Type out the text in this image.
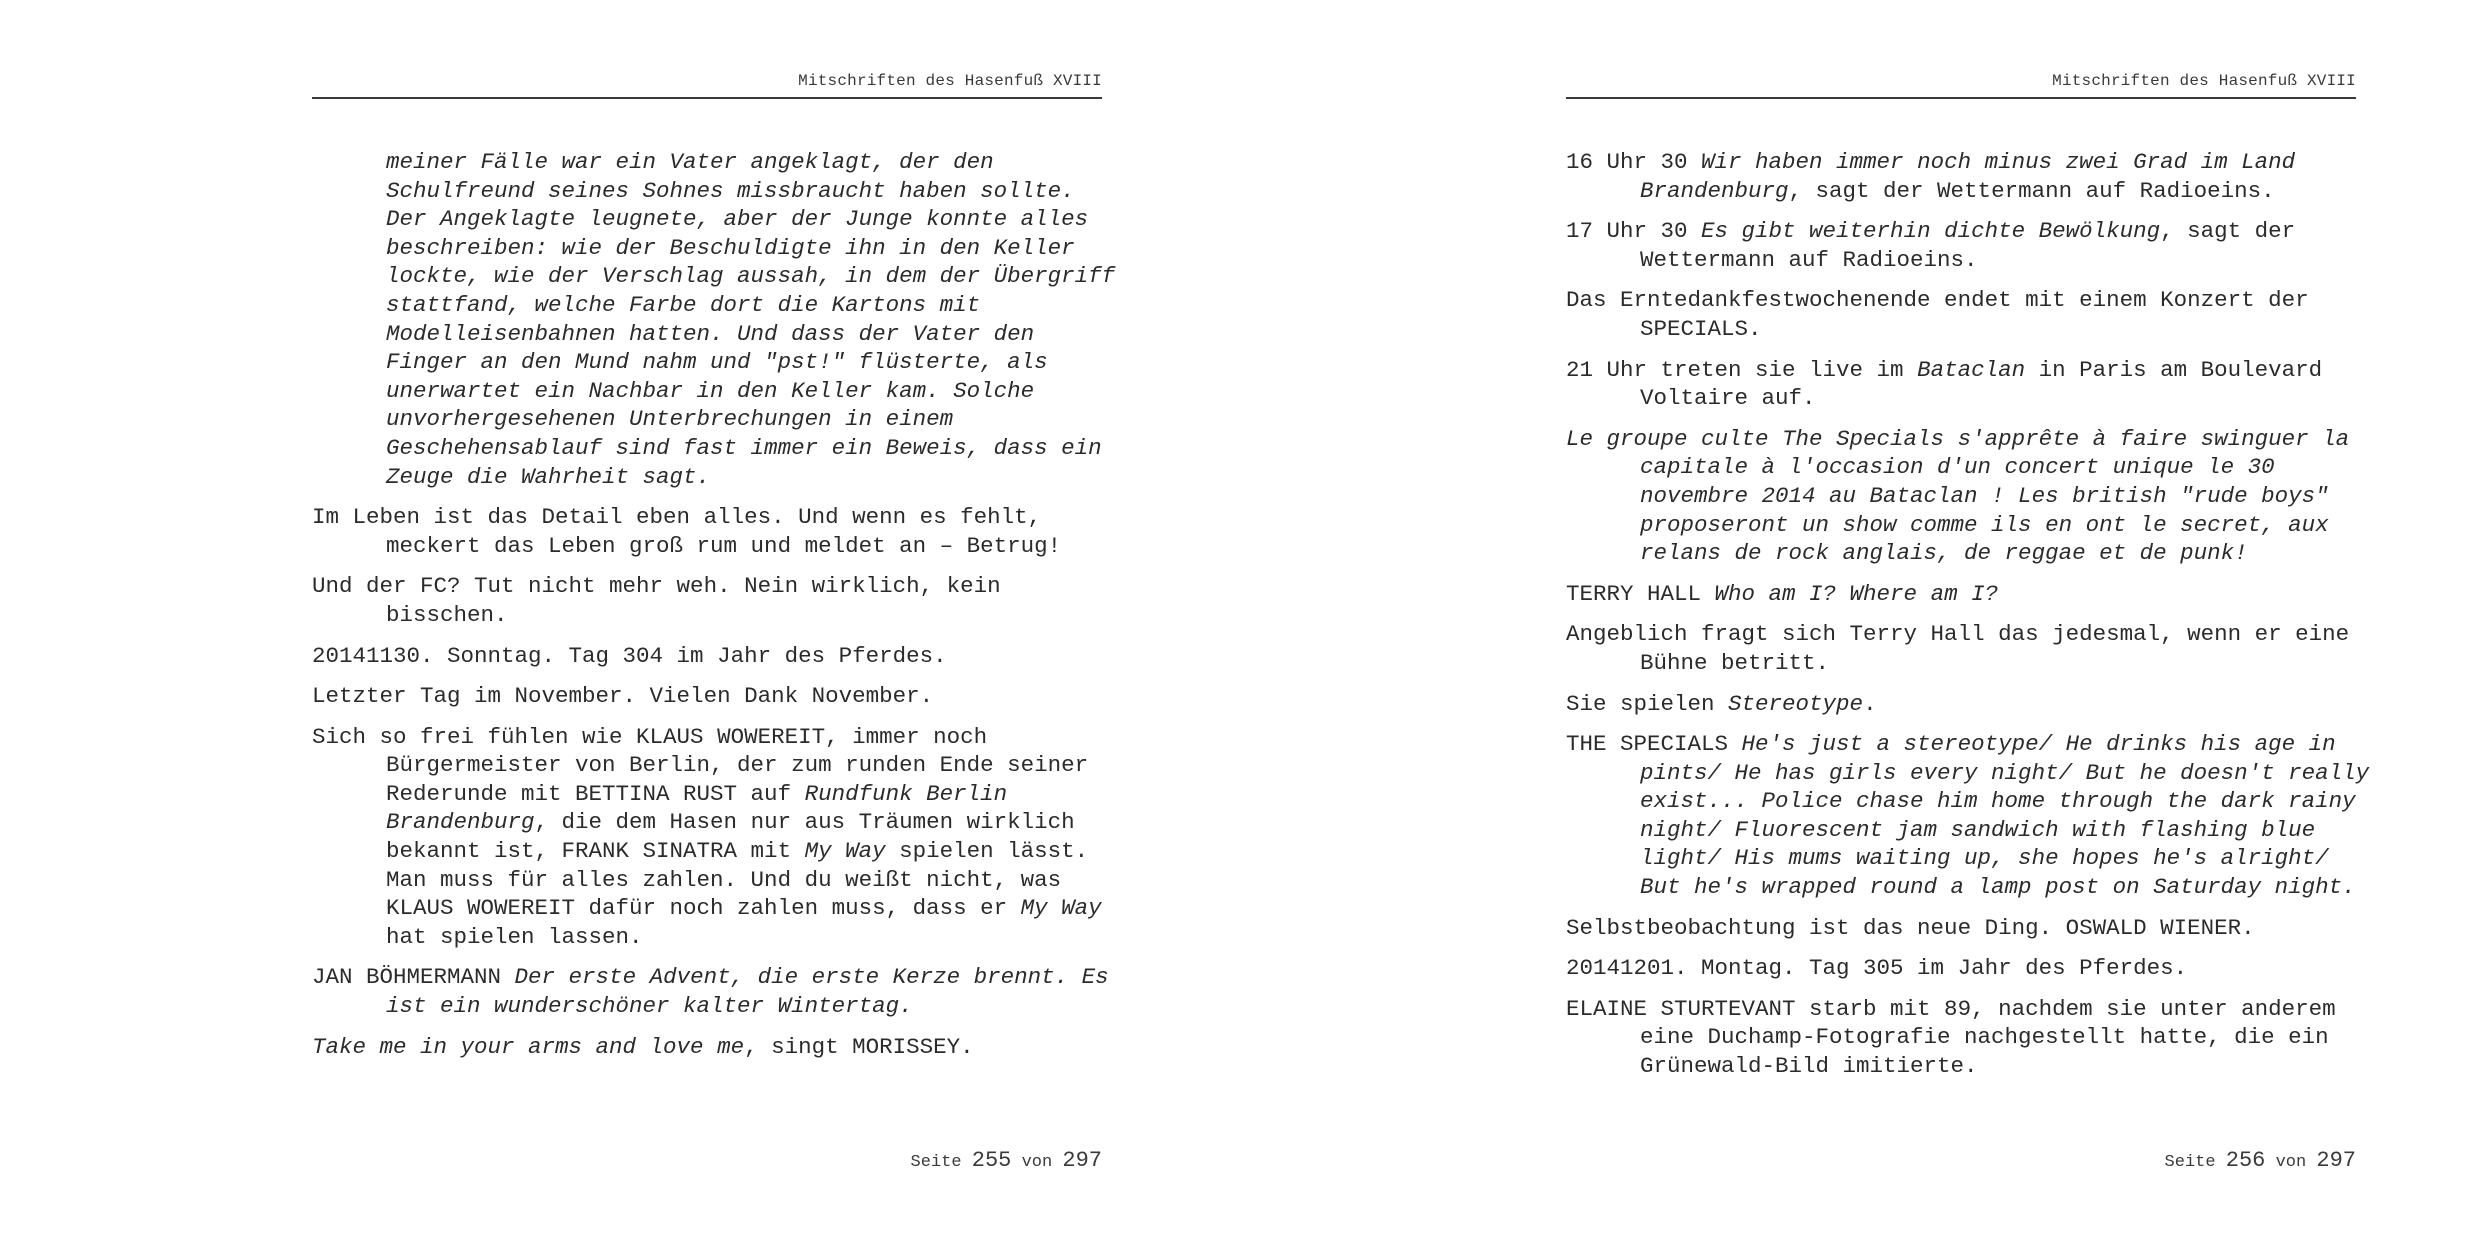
Mitschriften des Hasenfuß XVIII
meiner Fälle war ein Vater angeklagt, der den
Schulfreund seines Sohnes missbraucht haben sollte.
Der Angeklagte leugnete, aber der Junge konnte alles
beschreiben: wie der Beschuldigte ihn in den Keller
lockte, wie der Verschlag aussah, in dem der Übergriff
stattfand, welche Farbe dort die Kartons mit
Modelleisenbahnen hatten. Und dass der Vater den
Finger an den Mund nahm und "pst!" flüsterte, als
unerwartet ein Nachbar in den Keller kam. Solche
unvorhergesehenen Unterbrechungen in einem
Geschehensablauf sind fast immer ein Beweis, dass ein
Zeuge die Wahrheit sagt.
Im Leben ist das Detail eben alles. Und wenn es fehlt,
meckert das Leben groß rum und meldet an – Betrug!
Und der FC? Tut nicht mehr weh. Nein wirklich, kein
bisschen.
20141130. Sonntag. Tag 304 im Jahr des Pferdes.
Letzter Tag im November. Vielen Dank November.
Sich so frei fühlen wie KLAUS WOWEREIT, immer noch
Bürgermeister von Berlin, der zum runden Ende seiner
Rederunde mit BETTINA RUST auf Rundfunk Berlin
Brandenburg, die dem Hasen nur aus Träumen wirklich
bekannt ist, FRANK SINATRA mit My Way spielen lässt.
Man muss für alles zahlen. Und du weißt nicht, was
KLAUS WOWEREIT dafür noch zahlen muss, dass er My Way
hat spielen lassen.
JAN BÖHMERMANN Der erste Advent, die erste Kerze brennt. Es
ist ein wunderschöner kalter Wintertag.
Take me in your arms and love me, singt MORISSEY.
Seite 255 von 297
Mitschriften des Hasenfuß XVIII
16 Uhr 30 Wir haben immer noch minus zwei Grad im Land
Brandenburg, sagt der Wettermann auf Radioeins.
17 Uhr 30 Es gibt weiterhin dichte Bewölkung, sagt der
Wettermann auf Radioeins.
Das Erntedankfestwochenende endet mit einem Konzert der
SPECIALS.
21 Uhr treten sie live im Bataclan in Paris am Boulevard
Voltaire auf.
Le groupe culte The Specials s'apprête à faire swinguer la
capitale à l'occasion d'un concert unique le 30
novembre 2014 au Bataclan ! Les british "rude boys"
proposeront un show comme ils en ont le secret, aux
relans de rock anglais, de reggae et de punk!
TERRY HALL Who am I? Where am I?
Angeblich fragt sich Terry Hall das jedesmal, wenn er eine
Bühne betritt.
Sie spielen Stereotype.
THE SPECIALS He's just a stereotype/ He drinks his age in
pints/ He has girls every night/ But he doesn't really
exist... Police chase him home through the dark rainy
night/ Fluorescent jam sandwich with flashing blue
light/ His mums waiting up, she hopes he's alright/
But he's wrapped round a lamp post on Saturday night.
Selbstbeobachtung ist das neue Ding. OSWALD WIENER.
20141201. Montag. Tag 305 im Jahr des Pferdes.
ELAINE STURTEVANT starb mit 89, nachdem sie unter anderem
eine Duchamp-Fotografie nachgestellt hatte, die ein
Grünewald-Bild imitierte.
Seite 256 von 297
